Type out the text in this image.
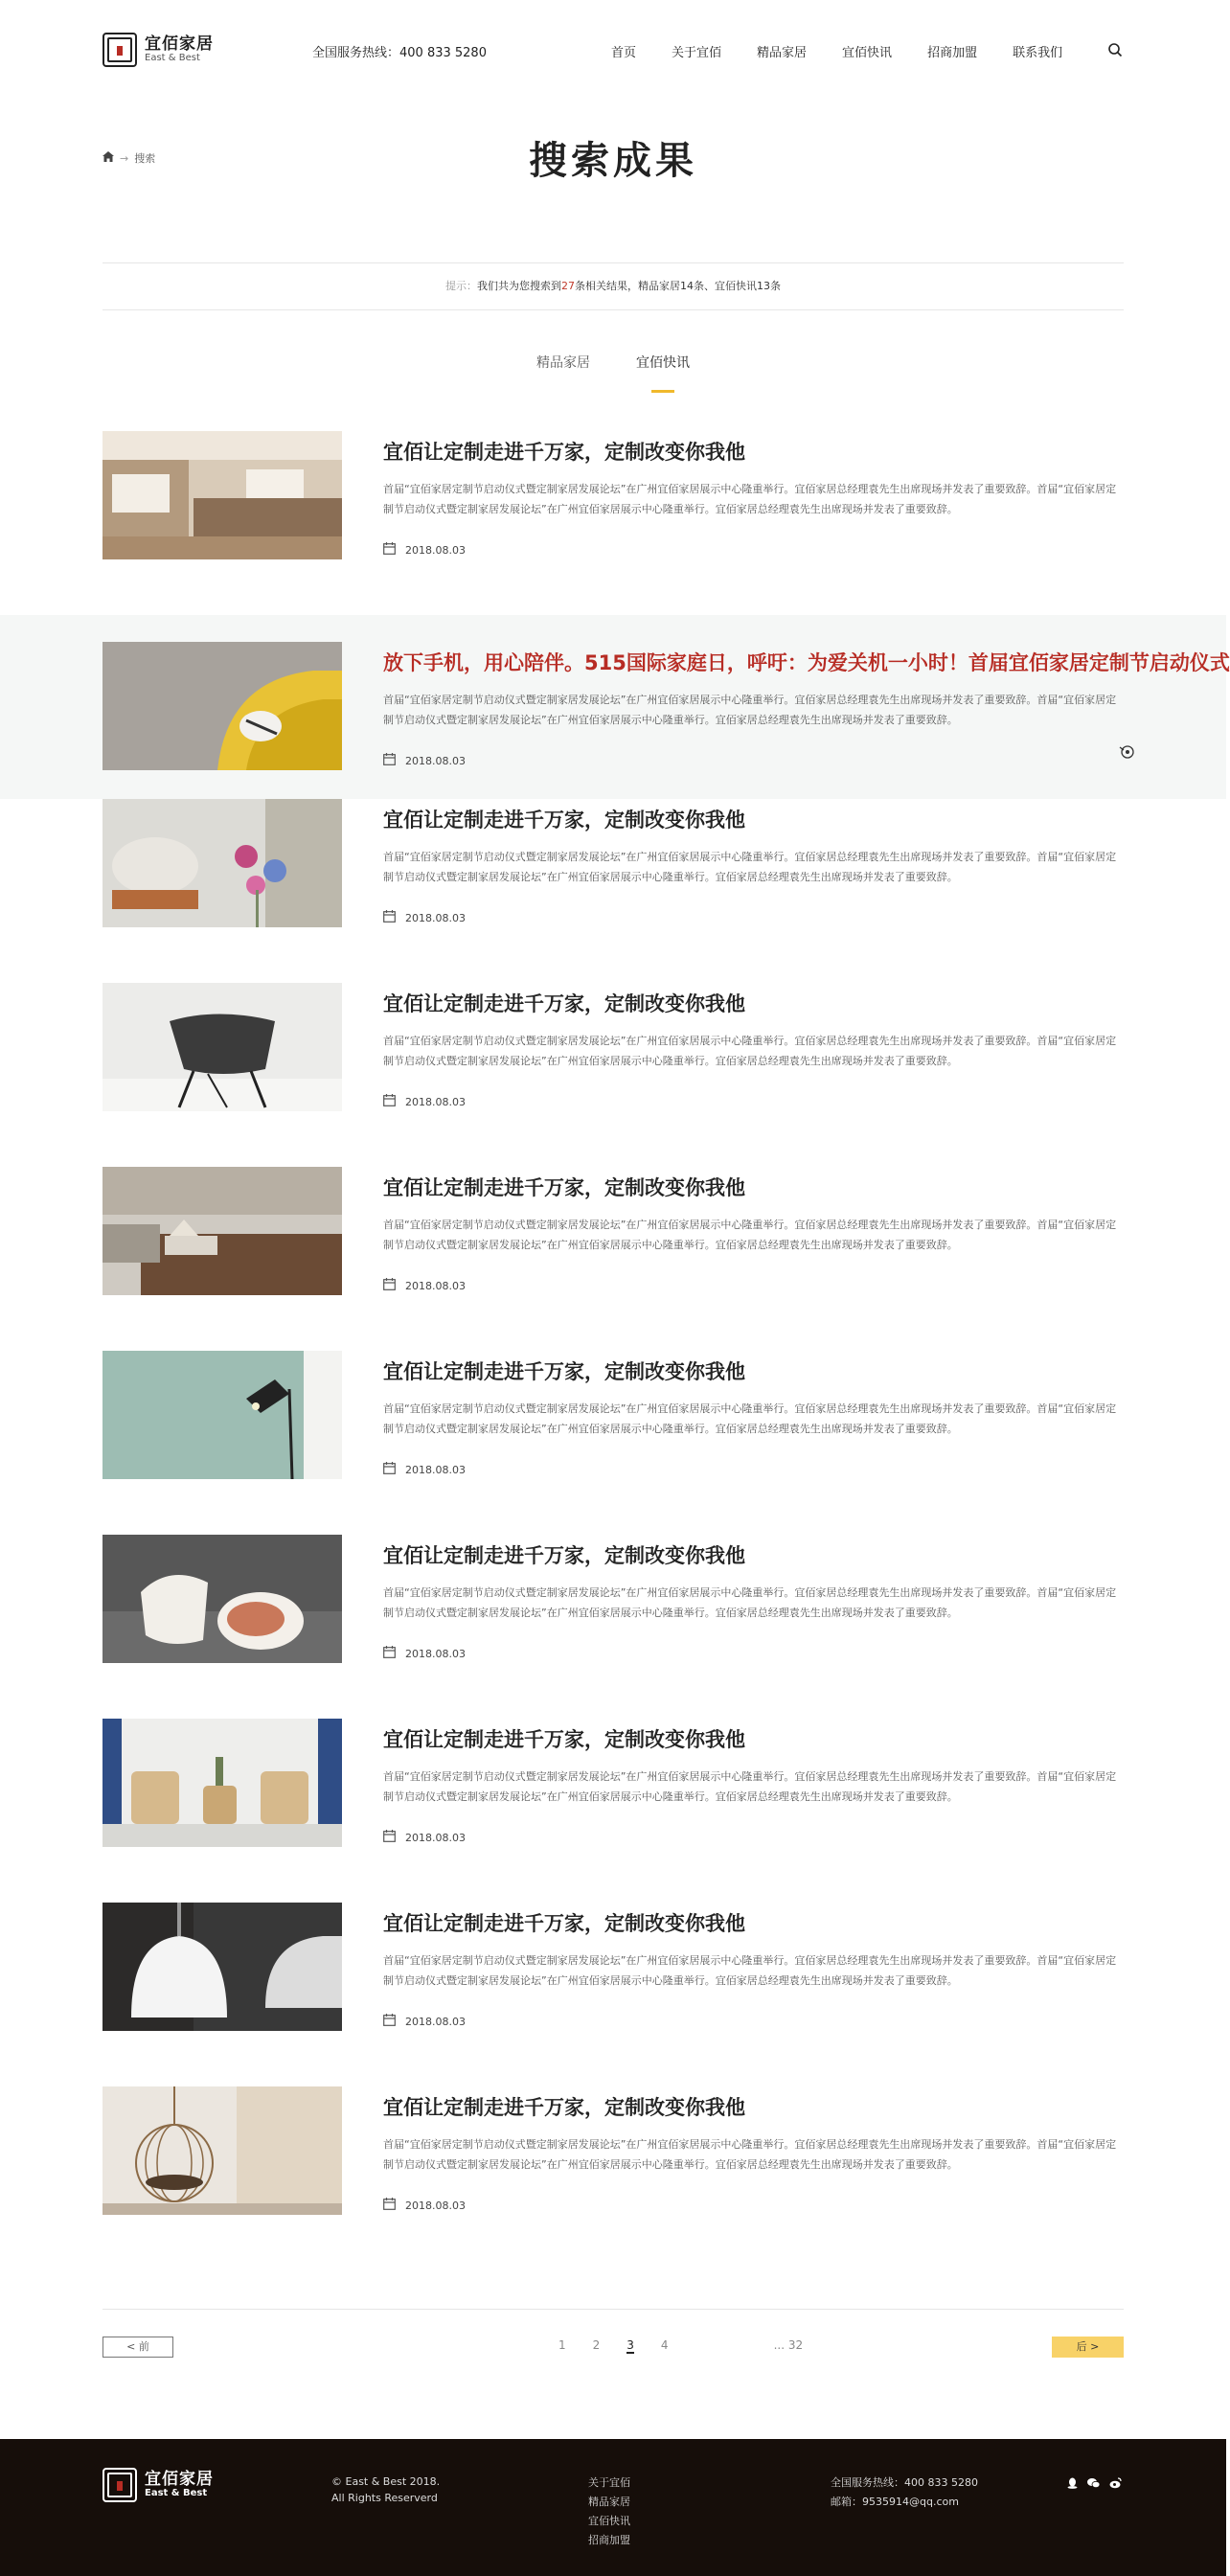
宜佰家居
East & Best	全国服务热线：400 833 5280	首页	关于宜佰	精品家居	宜佰快讯	招商加盟	联系我们
→ 搜索	搜索成果
提示：我们共为您搜索到27条相关结果，精品家居14条、宜佰快讯13条
精品家居	宜佰快讯
宜佰让定制走进千万家，定制改变你我他
首届“宜佰家居定制节启动仪式暨定制家居发展论坛”在广州宜佰家居展示中心隆重举行。宜佰家居总经理袁先生出席现场并发表了重要致辞。首届“宜佰家居定制节启动仪式暨定制家居发展论坛”在广州宜佰家居展示中心隆重举行。宜佰家居总经理袁先生出席现场并发表了重要致辞。
2018.08.03
放下手机，用心陪伴。515国际家庭日，呼吁：为爱关机一小时！首届宜佰家居定制节启动仪式
首届“宜佰家居定制节启动仪式暨定制家居发展论坛”在广州宜佰家居展示中心隆重举行。宜佰家居总经理袁先生出席现场并发表了重要致辞。首届“宜佰家居定制节启动仪式暨定制家居发展论坛”在广州宜佰家居展示中心隆重举行。宜佰家居总经理袁先生出席现场并发表了重要致辞。
2018.08.03
宜佰让定制走进千万家，定制改变你我他
首届“宜佰家居定制节启动仪式暨定制家居发展论坛”在广州宜佰家居展示中心隆重举行。宜佰家居总经理袁先生出席现场并发表了重要致辞。首届“宜佰家居定制节启动仪式暨定制家居发展论坛”在广州宜佰家居展示中心隆重举行。宜佰家居总经理袁先生出席现场并发表了重要致辞。
2018.08.03
宜佰让定制走进千万家，定制改变你我他
首届“宜佰家居定制节启动仪式暨定制家居发展论坛”在广州宜佰家居展示中心隆重举行。宜佰家居总经理袁先生出席现场并发表了重要致辞。首届“宜佰家居定制节启动仪式暨定制家居发展论坛”在广州宜佰家居展示中心隆重举行。宜佰家居总经理袁先生出席现场并发表了重要致辞。
2018.08.03
宜佰让定制走进千万家，定制改变你我他
首届“宜佰家居定制节启动仪式暨定制家居发展论坛”在广州宜佰家居展示中心隆重举行。宜佰家居总经理袁先生出席现场并发表了重要致辞。首届“宜佰家居定制节启动仪式暨定制家居发展论坛”在广州宜佰家居展示中心隆重举行。宜佰家居总经理袁先生出席现场并发表了重要致辞。
2018.08.03
宜佰让定制走进千万家，定制改变你我他
首届“宜佰家居定制节启动仪式暨定制家居发展论坛”在广州宜佰家居展示中心隆重举行。宜佰家居总经理袁先生出席现场并发表了重要致辞。首届“宜佰家居定制节启动仪式暨定制家居发展论坛”在广州宜佰家居展示中心隆重举行。宜佰家居总经理袁先生出席现场并发表了重要致辞。
2018.08.03
宜佰让定制走进千万家，定制改变你我他
首届“宜佰家居定制节启动仪式暨定制家居发展论坛”在广州宜佰家居展示中心隆重举行。宜佰家居总经理袁先生出席现场并发表了重要致辞。首届“宜佰家居定制节启动仪式暨定制家居发展论坛”在广州宜佰家居展示中心隆重举行。宜佰家居总经理袁先生出席现场并发表了重要致辞。
2018.08.03
宜佰让定制走进千万家，定制改变你我他
首届“宜佰家居定制节启动仪式暨定制家居发展论坛”在广州宜佰家居展示中心隆重举行。宜佰家居总经理袁先生出席现场并发表了重要致辞。首届“宜佰家居定制节启动仪式暨定制家居发展论坛”在广州宜佰家居展示中心隆重举行。宜佰家居总经理袁先生出席现场并发表了重要致辞。
2018.08.03
宜佰让定制走进千万家，定制改变你我他
首届“宜佰家居定制节启动仪式暨定制家居发展论坛”在广州宜佰家居展示中心隆重举行。宜佰家居总经理袁先生出席现场并发表了重要致辞。首届“宜佰家居定制节启动仪式暨定制家居发展论坛”在广州宜佰家居展示中心隆重举行。宜佰家居总经理袁先生出席现场并发表了重要致辞。
2018.08.03
宜佰让定制走进千万家，定制改变你我他
首届“宜佰家居定制节启动仪式暨定制家居发展论坛”在广州宜佰家居展示中心隆重举行。宜佰家居总经理袁先生出席现场并发表了重要致辞。首届“宜佰家居定制节启动仪式暨定制家居发展论坛”在广州宜佰家居展示中心隆重举行。宜佰家居总经理袁先生出席现场并发表了重要致辞。
2018.08.03
< 前	1 2 3 4	... 32	后 >
宜佰家居
East & Best
© East & Best 2018.
All Rights Reserverd
关于宜佰
精品家居
宜佰快讯
招商加盟
全国服务热线：400 833 5280
邮箱：9535914@qq.com
